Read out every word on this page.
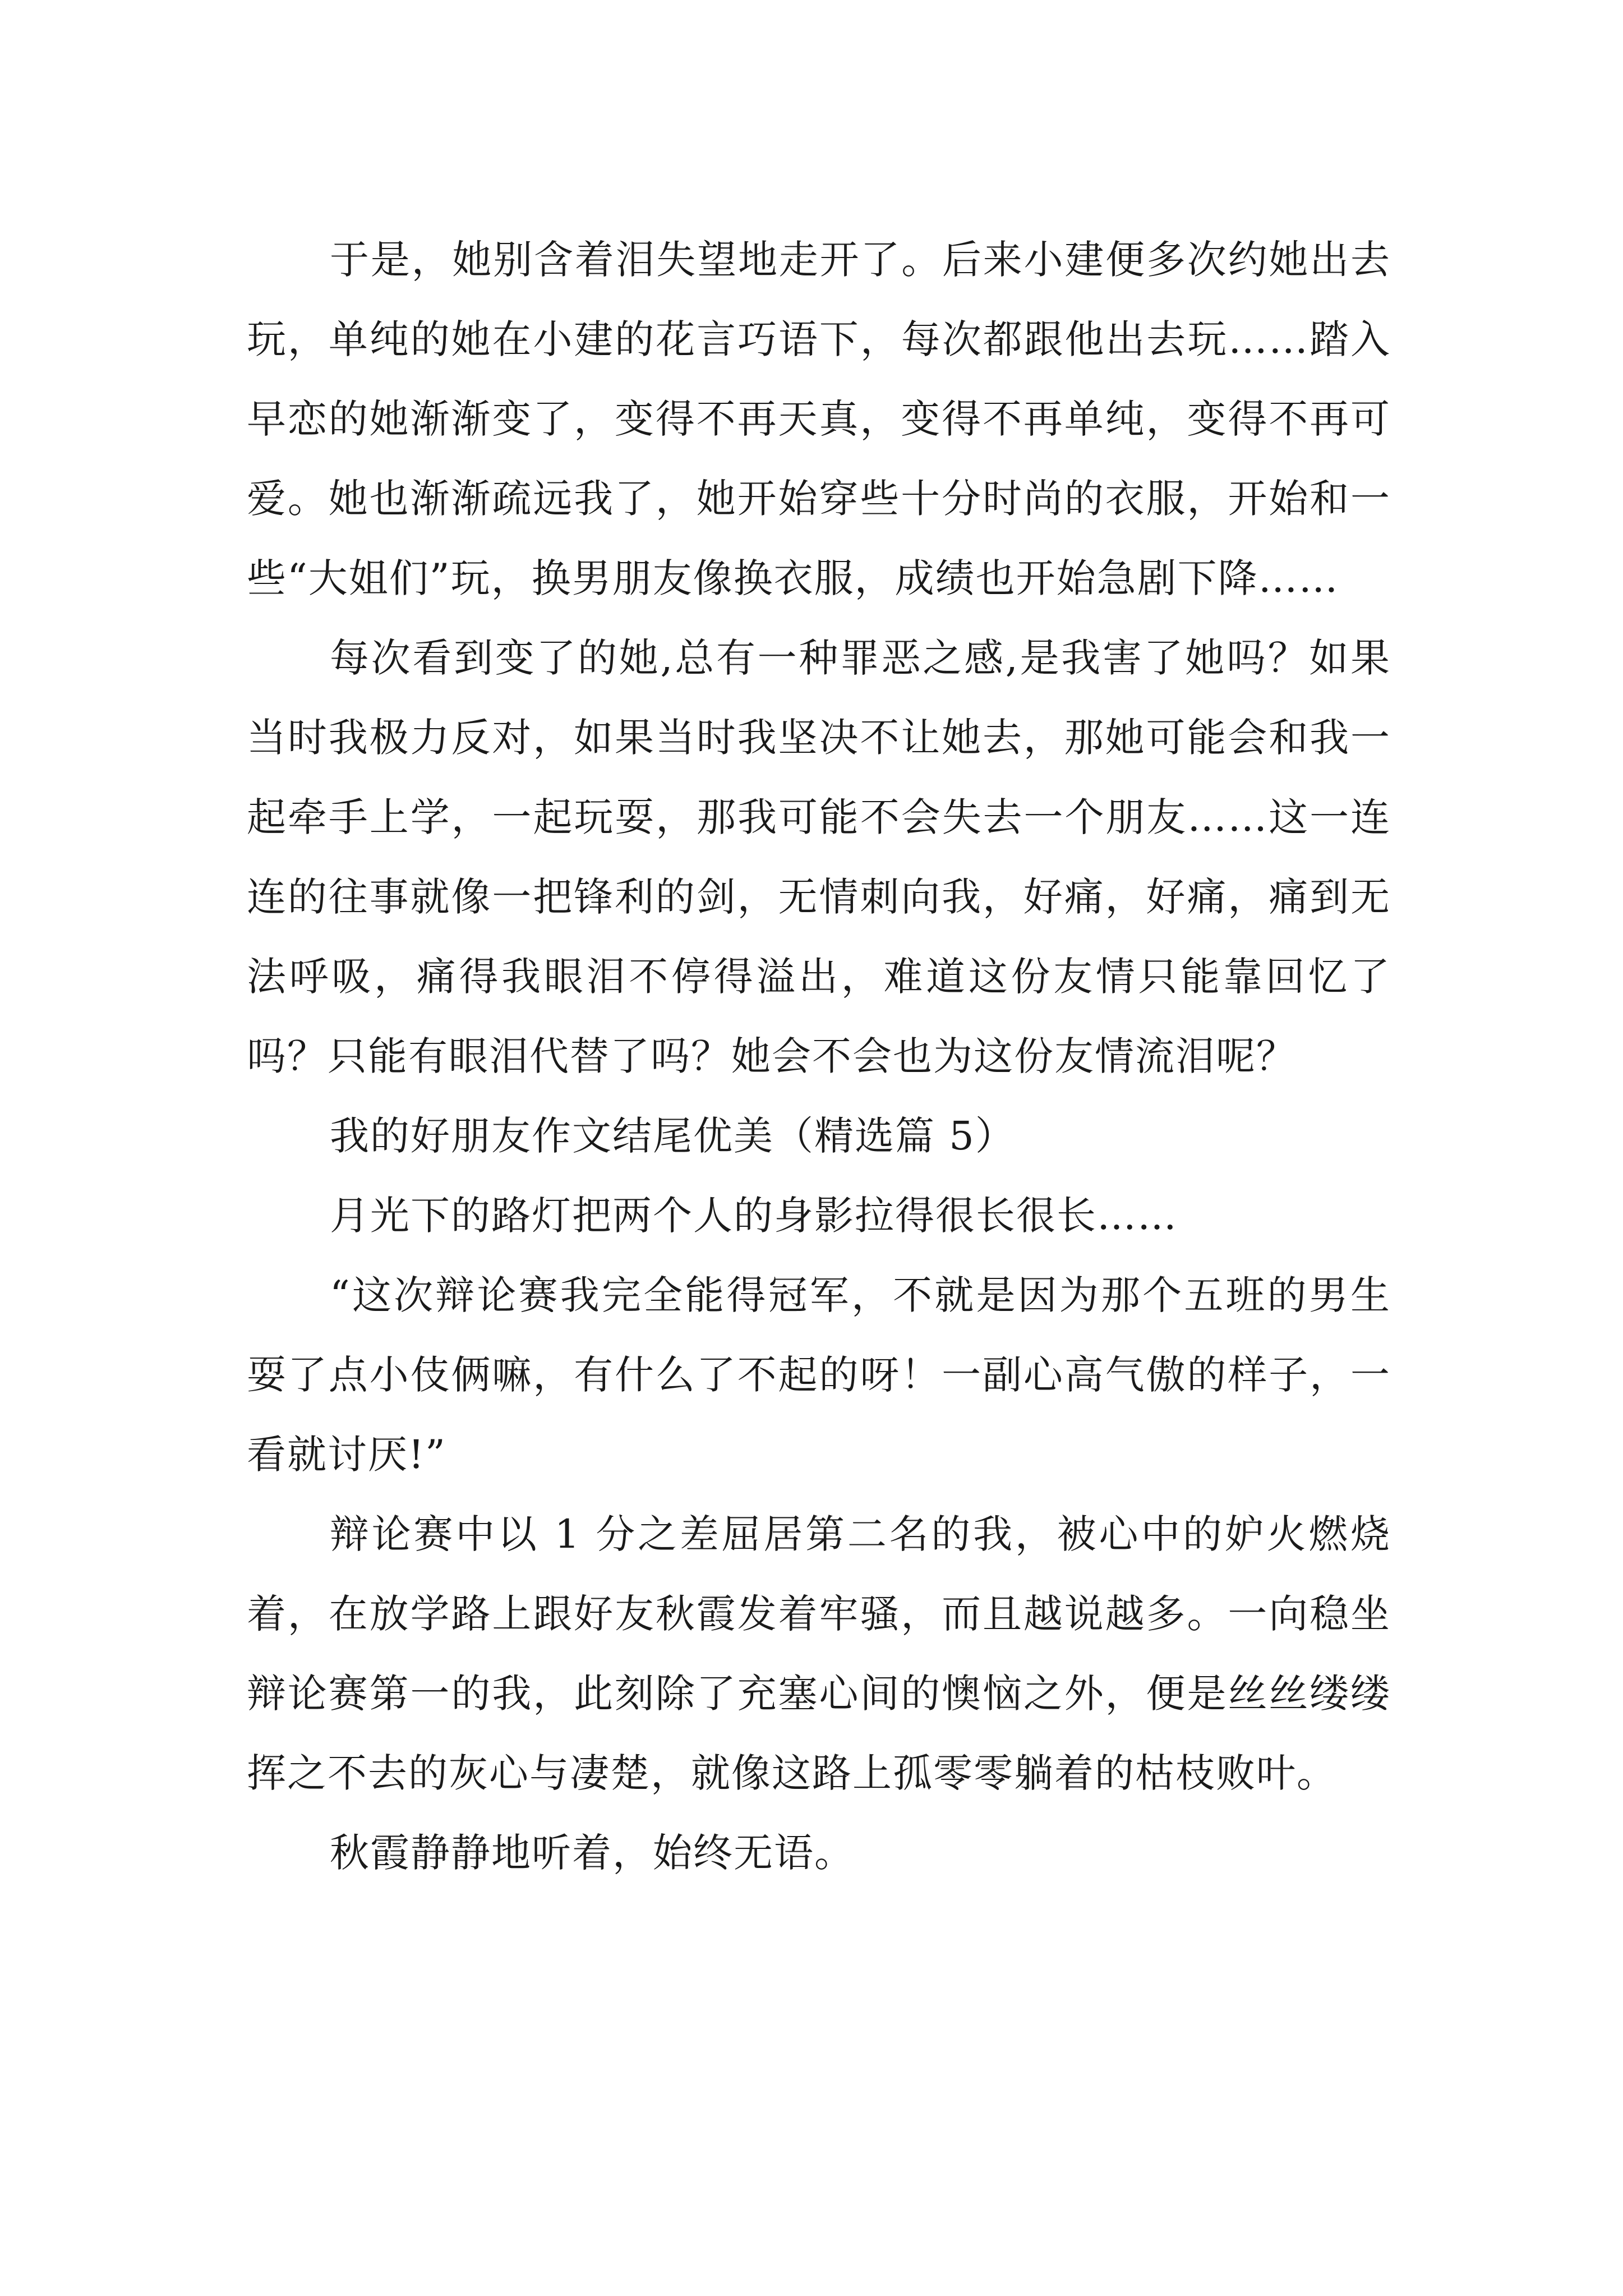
于是，她别含着泪失望地走开了。后来小建便多次约她出去玩，单纯的她在小建的花言巧语下，每次都跟他出去玩……踏入早恋的她渐渐变了，变得不再天真，变得不再单纯，变得不再可爱。她也渐渐疏远我了，她开始穿些十分时尚的衣服，开始和一些“大姐们”玩，换男朋友像换衣服，成绩也开始急剧下降……

每次看到变了的她,总有一种罪恶之感,是我害了她吗？如果当时我极力反对，如果当时我坚决不让她去，那她可能会和我一起牵手上学，一起玩耍，那我可能不会失去一个朋友……这一连连的往事就像一把锋利的剑，无情刺向我，好痛，好痛，痛到无法呼吸，痛得我眼泪不停得溢出，难道这份友情只能靠回忆了吗？只能有眼泪代替了吗？她会不会也为这份友情流泪呢？

我的好朋友作文结尾优美（精选篇 5）

月光下的路灯把两个人的身影拉得很长很长……

“这次辩论赛我完全能得冠军，不就是因为那个五班的男生耍了点小伎俩嘛，有什么了不起的呀！一副心高气傲的样子，一看就讨厌!”

辩论赛中以 1 分之差屈居第二名的我，被心中的妒火燃烧着，在放学路上跟好友秋霞发着牢骚，而且越说越多。一向稳坐辩论赛第一的我，此刻除了充塞心间的懊恼之外，便是丝丝缕缕挥之不去的灰心与凄楚，就像这路上孤零零躺着的枯枝败叶。

秋霞静静地听着，始终无语。
